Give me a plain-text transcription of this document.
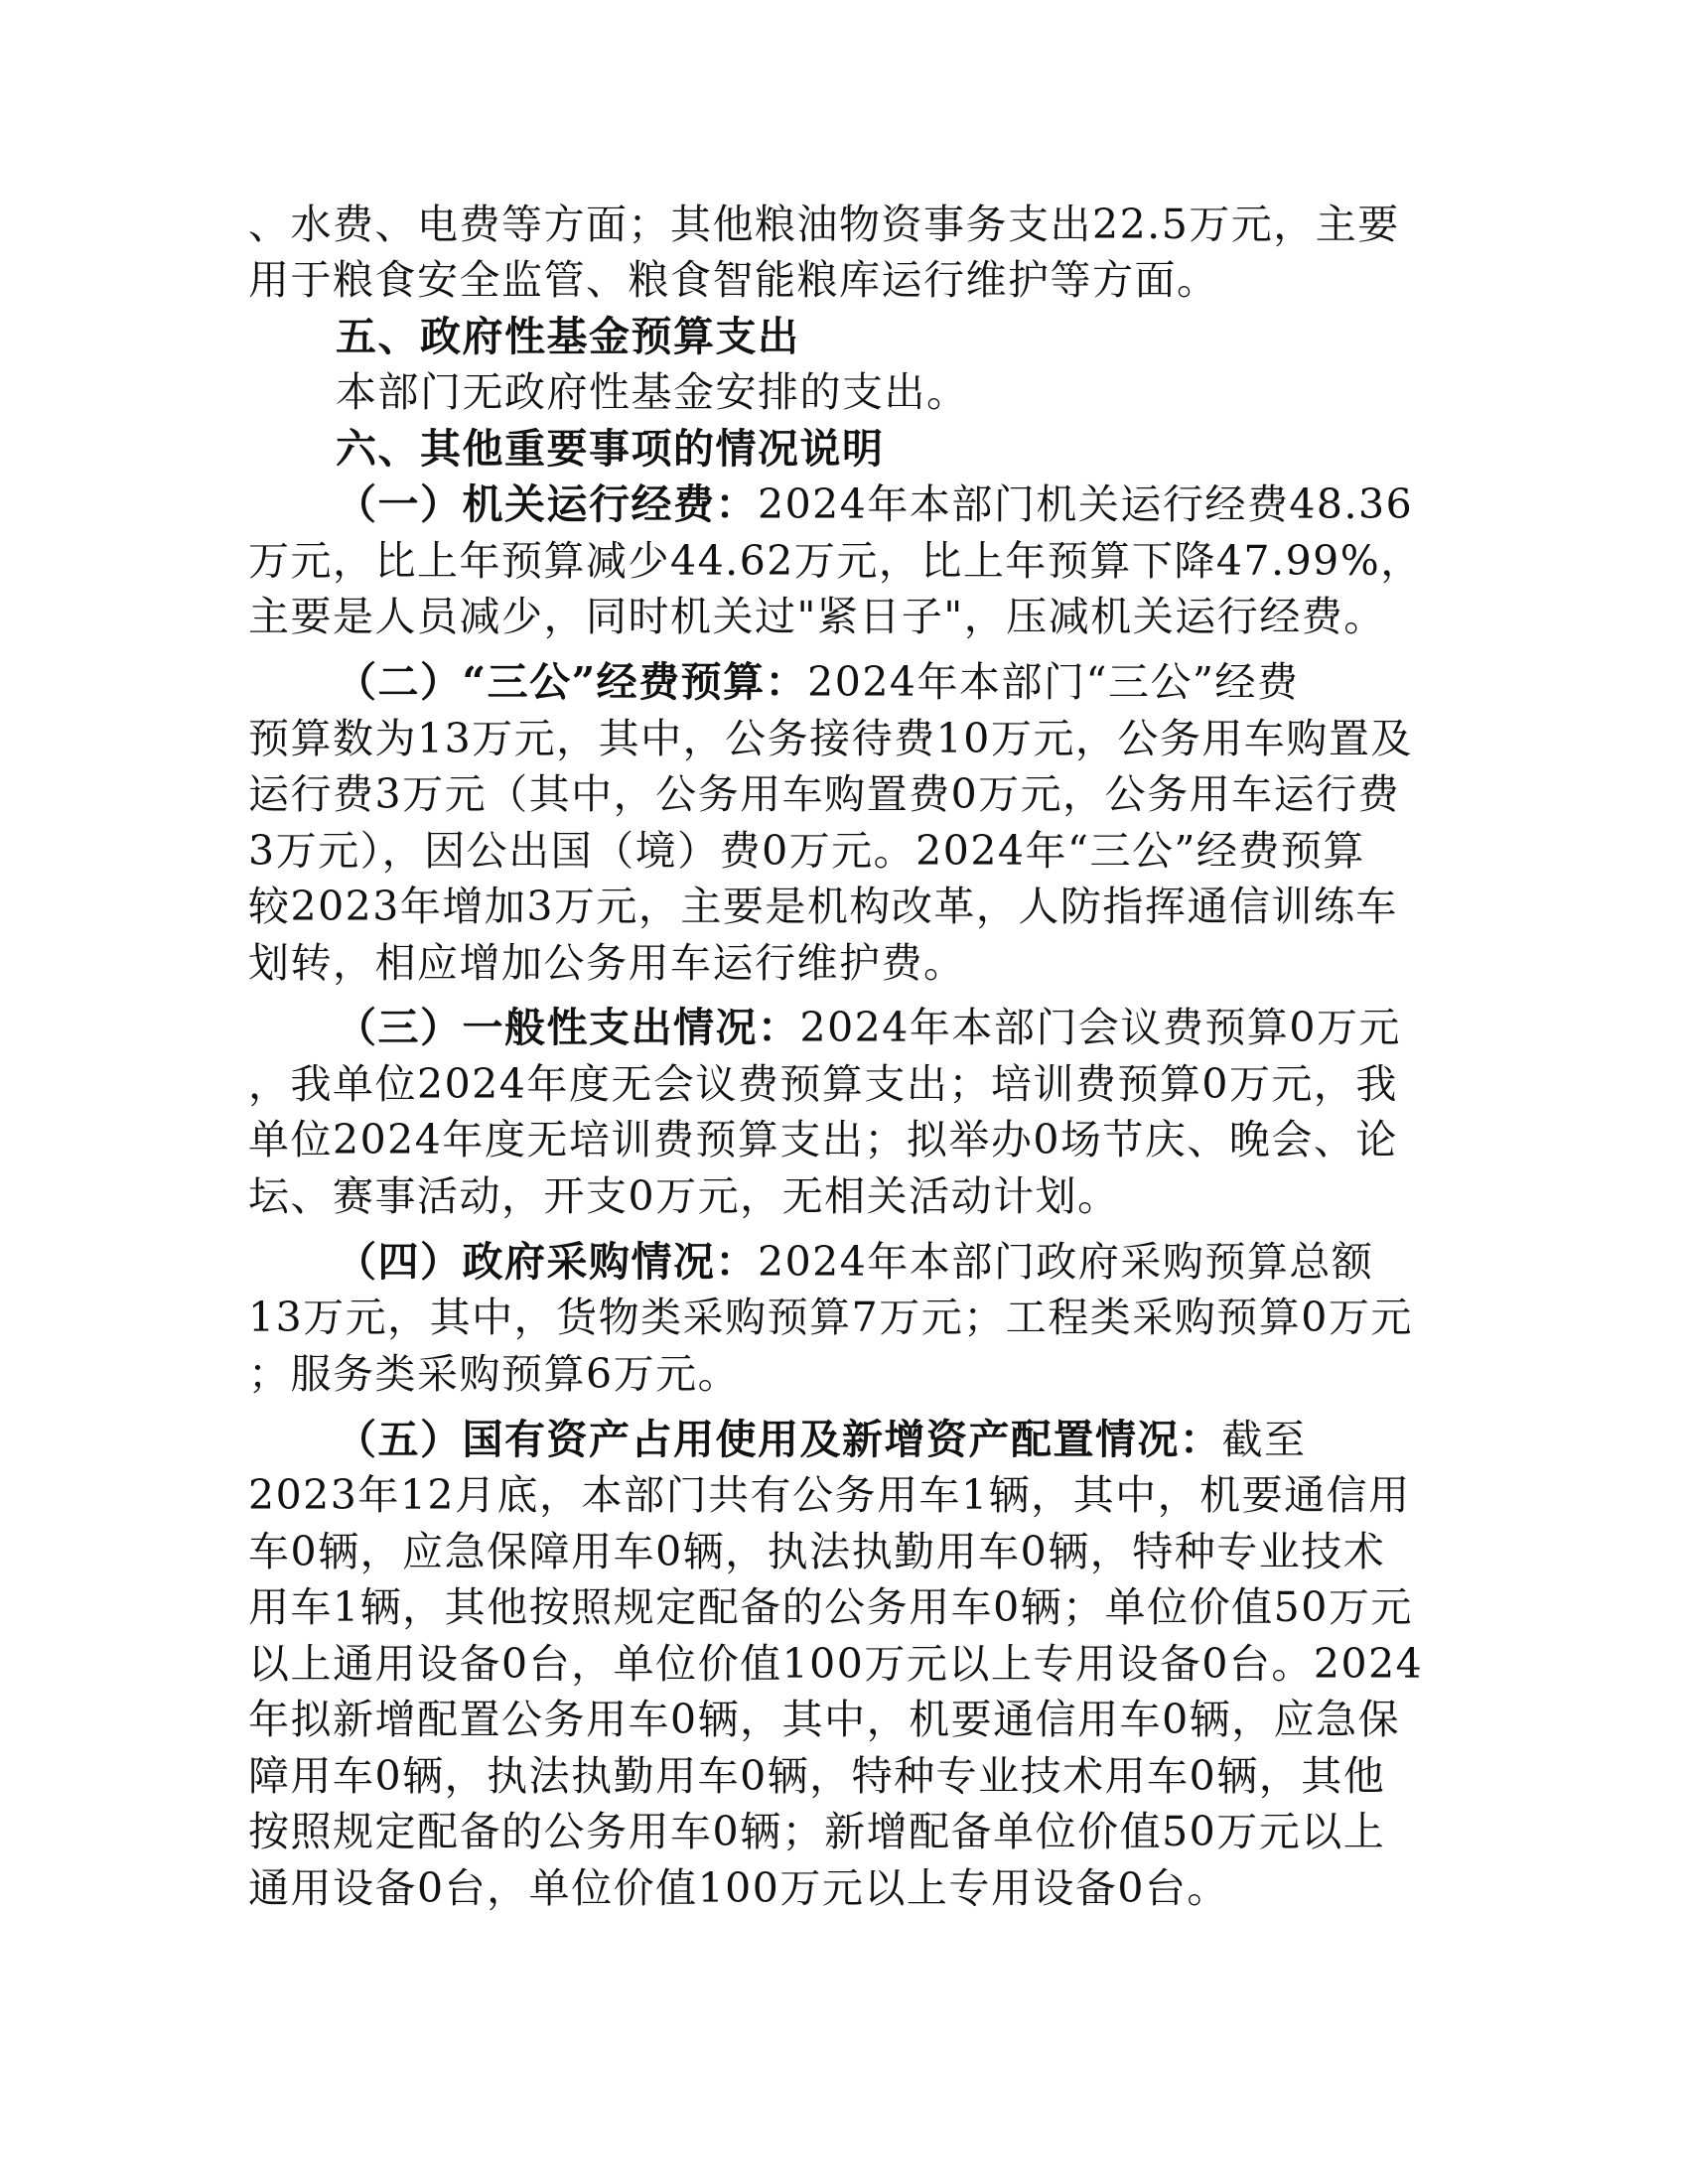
、水费、电费等方面；其他粮油物资事务支出22.5万元，主要
用于粮食安全监管、粮食智能粮库运行维护等方面。
五、政府性基金预算支出
本部门无政府性基金安排的支出。
六、其他重要事项的情况说明
（一）机关运行经费：2024年本部门机关运行经费48.36
万元，比上年预算减少44.62万元，比上年预算下降47.99%，
主要是人员减少，同时机关过"紧日子"，压减机关运行经费。
（二）“三公”经费预算：2024年本部门“三公”经费
预算数为13万元，其中，公务接待费10万元，公务用车购置及
运行费3万元（其中，公务用车购置费0万元，公务用车运行费
3万元），因公出国（境）费0万元。2024年“三公”经费预算
较2023年增加3万元，主要是机构改革，人防指挥通信训练车
划转，相应增加公务用车运行维护费。
（三）一般性支出情况：2024年本部门会议费预算0万元
，我单位2024年度无会议费预算支出；培训费预算0万元，我
单位2024年度无培训费预算支出；拟举办0场节庆、晚会、论
坛、赛事活动，开支0万元，无相关活动计划。
（四）政府采购情况：2024年本部门政府采购预算总额
13万元，其中，货物类采购预算7万元；工程类采购预算0万元
；服务类采购预算6万元。
（五）国有资产占用使用及新增资产配置情况：截至
2023年12月底，本部门共有公务用车1辆，其中，机要通信用
车0辆，应急保障用车0辆，执法执勤用车0辆，特种专业技术
用车1辆，其他按照规定配备的公务用车0辆；单位价值50万元
以上通用设备0台，单位价值100万元以上专用设备0台。2024
年拟新增配置公务用车0辆，其中，机要通信用车0辆，应急保
障用车0辆，执法执勤用车0辆，特种专业技术用车0辆，其他
按照规定配备的公务用车0辆；新增配备单位价值50万元以上
通用设备0台，单位价值100万元以上专用设备0台。
